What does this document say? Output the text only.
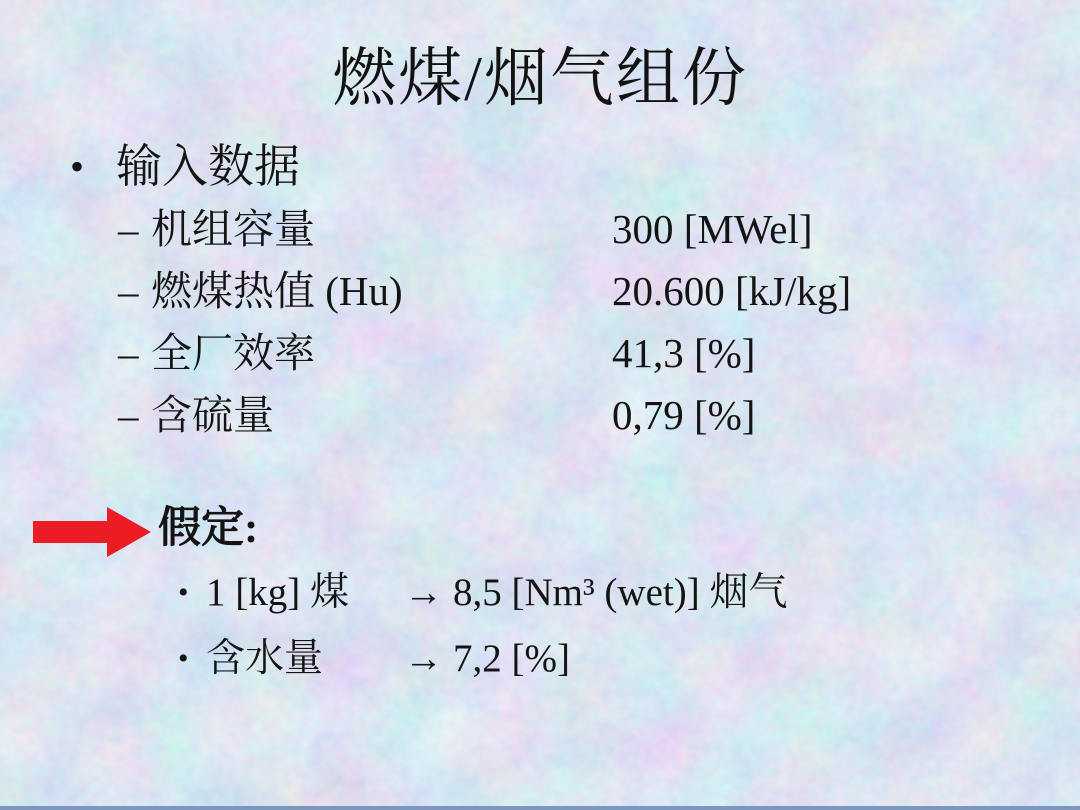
燃煤/烟气组份
• 输入数据
– 机组容量	300 [MWel]
– 燃煤热值 (Hu)	20.600 [kJ/kg]
– 全厂效率	41,3 [%]
– 含硫量	0,79 [%]
假定:
• 1 [kg] 煤 → 8,5 [Nm³ (wet)] 烟气
• 含水量 → 7,2 [%]
